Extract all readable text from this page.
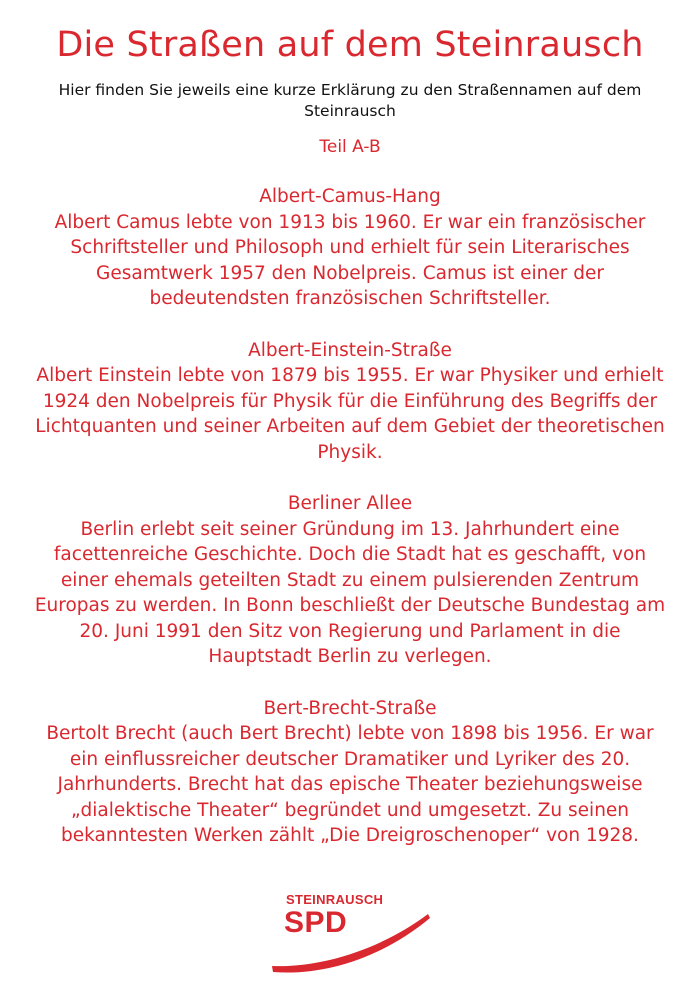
Die Straßen auf dem Steinrausch
Hier finden Sie jeweils eine kurze Erklärung zu den Straßennamen auf dem Steinrausch
Teil A-B
Albert-Camus-Hang
Albert Camus lebte von 1913 bis 1960. Er war ein französischer Schriftsteller und Philosoph und erhielt für sein Literarisches Gesamtwerk 1957 den Nobelpreis. Camus ist einer der bedeutendsten französischen Schriftsteller.
Albert-Einstein-Straße
Albert Einstein lebte von 1879 bis 1955. Er war Physiker und erhielt 1924 den Nobelpreis für Physik für die Einführung des Begriffs der Lichtquanten und seiner Arbeiten auf dem Gebiet der theoretischen Physik.
Berliner Allee
Berlin erlebt seit seiner Gründung im 13. Jahrhundert eine facettenreiche Geschichte. Doch die Stadt hat es geschafft, von einer ehemals geteilten Stadt zu einem pulsierenden Zentrum Europas zu werden. In Bonn beschließt der Deutsche Bundestag am 20. Juni 1991 den Sitz von Regierung und Parlament in die Hauptstadt Berlin zu verlegen.
Bert-Brecht-Straße
Bertolt Brecht (auch Bert Brecht) lebte von 1898 bis 1956. Er war ein einflussreicher deutscher Dramatiker und Lyriker des 20. Jahrhunderts. Brecht hat das epische Theater beziehungsweise „dialektische Theater“ begründet und umgesetzt. Zu seinen bekanntesten Werken zählt „Die Dreigroschenoper“ von 1928.
STEINRAUSCH
SPD
